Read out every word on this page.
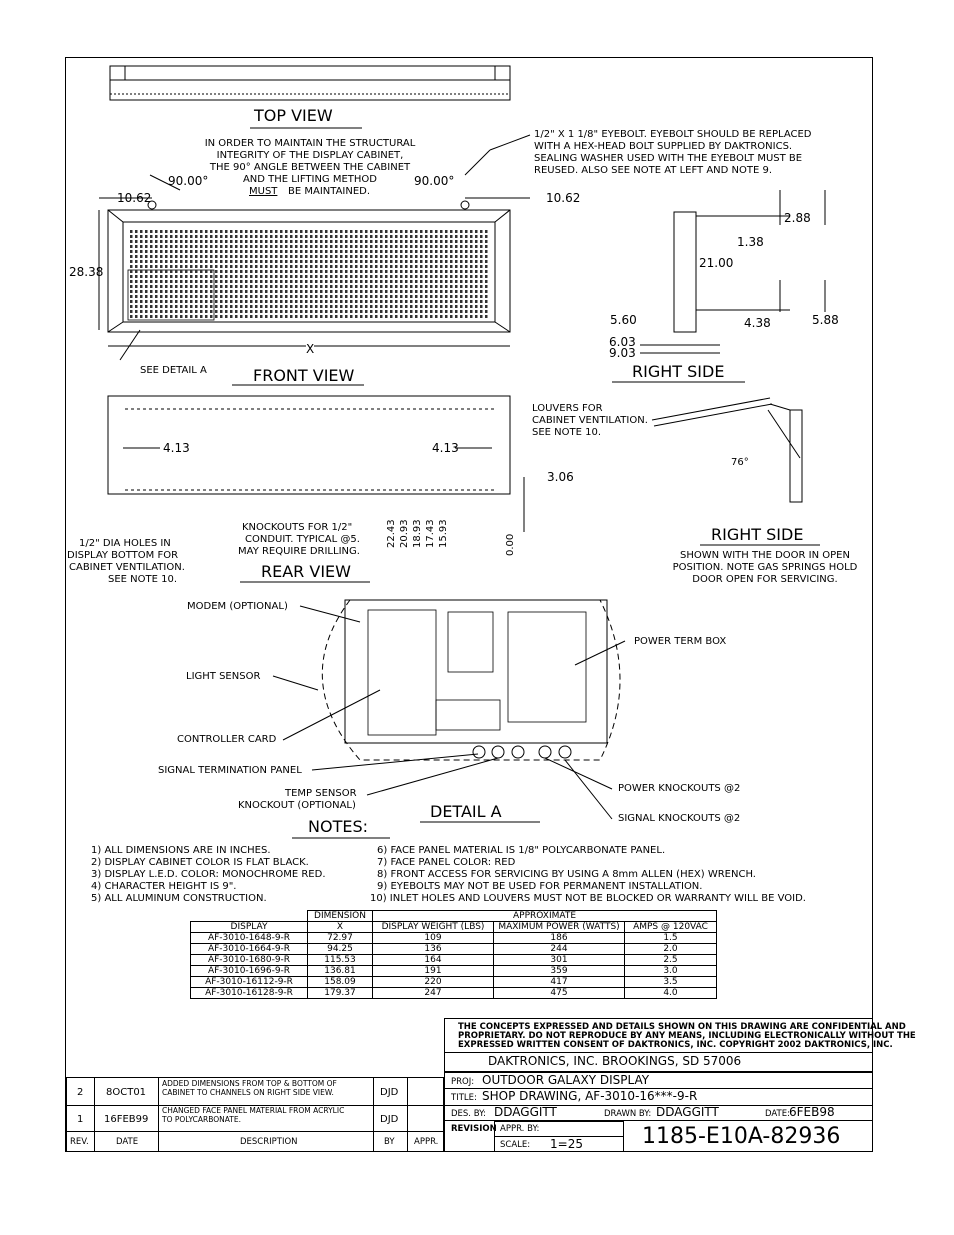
TOP VIEW
FRONT VIEW
REAR VIEW
RIGHT SIDE
RIGHT SIDE
DETAIL A
IN ORDER TO MAINTAIN THE STRUCTURAL
INTEGRITY OF THE DISPLAY CABINET,
THE 90° ANGLE BETWEEN THE CABINET
AND THE LIFTING METHOD
MUST BE MAINTAINED.
90.00°	90.00°
1/2" X 1 1/8" EYEBOLT. EYEBOLT SHOULD BE REPLACED
WITH A HEX-HEAD BOLT SUPPLIED BY DAKTRONICS.
SEALING WASHER USED WITH THE EYEBOLT MUST BE
REUSED. ALSO SEE NOTE AT LEFT AND NOTE 9.
10.62	10.62
28.38
X
SEE DETAIL A
2.88
1.38
21.00
5.60	4.38	5.88
6.03
9.03
LOUVERS FOR
CABINET VENTILATION.
SEE NOTE 10.
4.13	4.13
3.06
1/2" DIA HOLES IN
DISPLAY BOTTOM FOR
CABINET VENTILATION.
SEE NOTE 10.
KNOCKOUTS FOR 1/2"
CONDUIT. TYPICAL @5.
MAY REQUIRE DRILLING.
22.43 20.93 18.93 17.43 15.93	0.00
76°
SHOWN WITH THE DOOR IN OPEN
POSITION. NOTE GAS SPRINGS HOLD
DOOR OPEN FOR SERVICING.
MODEM (OPTIONAL)
LIGHT SENSOR
CONTROLLER CARD
SIGNAL TERMINATION PANEL
TEMP SENSOR
KNOCKOUT (OPTIONAL)
POWER TERM BOX
POWER KNOCKOUTS @2
SIGNAL KNOCKOUTS @2
NOTES:
1) ALL DIMENSIONS ARE IN INCHES.
2) DISPLAY CABINET COLOR IS FLAT BLACK.
3) DISPLAY L.E.D. COLOR: MONOCHROME RED.
4) CHARACTER HEIGHT IS 9".
5) ALL ALUMINUM CONSTRUCTION.
6) FACE PANEL MATERIAL IS 1/8" POLYCARBONATE PANEL.
7) FACE PANEL COLOR: RED
8) FRONT ACCESS FOR SERVICING BY USING A 8mm ALLEN (HEX) WRENCH.
9) EYEBOLTS MAY NOT BE USED FOR PERMANENT INSTALLATION.
10) INLET HOLES AND LOUVERS MUST NOT BE BLOCKED OR WARRANTY WILL BE VOID.
	DIMENSION	APPROXIMATE		
DISPLAY	X	DISPLAY WEIGHT (LBS)	MAXIMUM POWER (WATTS)	AMPS @ 120VAC
AF-3010-1648-9-R	72.97	109	186	1.5
AF-3010-1664-9-R	94.25	136	244	2.0
AF-3010-1680-9-R	115.53	164	301	2.5
AF-3010-1696-9-R	136.81	191	359	3.0
AF-3010-16112-9-R	158.09	220	417	3.5
AF-3010-16128-9-R	179.37	247	475	4.0
THE CONCEPTS EXPRESSED AND DETAILS SHOWN ON THIS DRAWING ARE CONFIDENTIAL AND
PROPRIETARY. DO NOT REPRODUCE BY ANY MEANS, INCLUDING ELECTRONICALLY WITHOUT THE
EXPRESSED WRITTEN CONSENT OF DAKTRONICS, INC. COPYRIGHT 2002 DAKTRONICS, INC.
DAKTRONICS, INC. BROOKINGS, SD 57006
PROJ: OUTDOOR GALAXY DISPLAY
TITLE: SHOP DRAWING, AF-3010-16***-9-R
DES. BY: DDAGGITT	DRAWN BY: DDAGGITT	DATE: 6FEB98
REVISION APPR. BY:
SCALE: 1=25	1185-E10A-82936
2 8OCT01
ADDED DIMENSIONS FROM TOP & BOTTOM OF
CABINET TO CHANNELS ON RIGHT SIDE VIEW.	DJD
1 16FEB99
CHANGED FACE PANEL MATERIAL FROM ACRYLIC
TO POLYCARBONATE.	DJD
REV.	DATE	DESCRIPTION	BY APPR.
